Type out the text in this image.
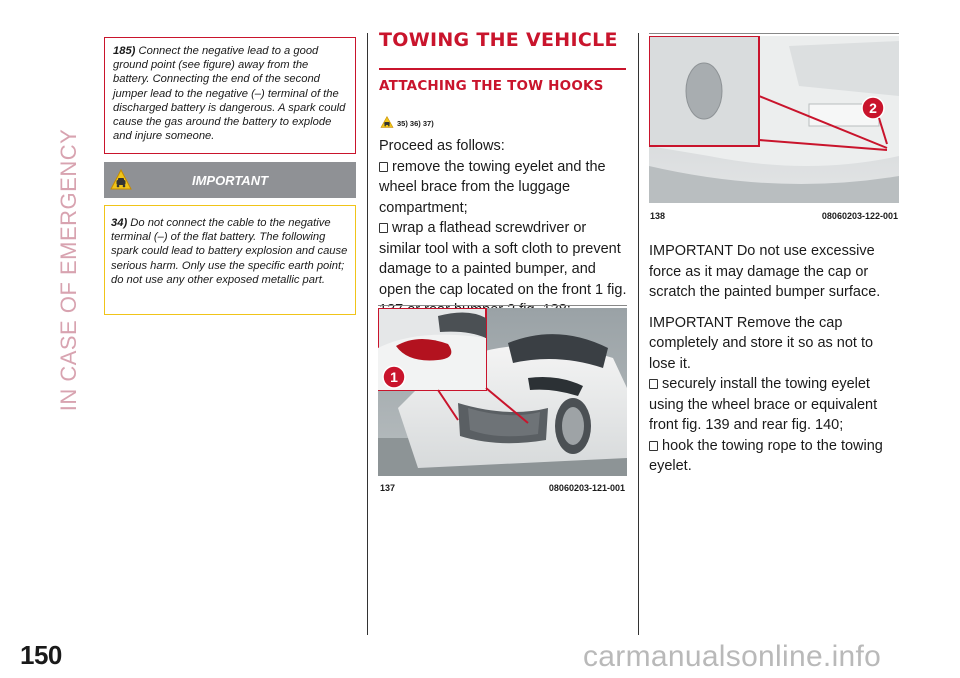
IN CASE OF EMERGENCY
150
185) Connect the negative lead to a good ground point (see figure) away from the battery. Connecting the end of the second jumper lead to the negative (–) terminal of the discharged battery is dangerous. A spark could cause the gas around the battery to explode and injure someone.
IMPORTANT
34) Do not connect the cable to the negative terminal (–) of the flat battery. The following spark could lead to battery explosion and cause serious harm. Only use the specific earth point; do not use any other exposed metallic part.
TOWING THE VEHICLE
ATTACHING THE TOW HOOKS
35) 36) 37)
Proceed as follows:
remove the towing eyelet and the wheel brace from the luggage compartment;
wrap a flathead screwdriver or similar tool with a soft cloth to prevent damage to a painted bumper, and open the cap located on the front 1 fig.
1
137	08060203-121-001
2
138	08060203-122-001
IMPORTANT Do not use excessive force as it may damage the cap or scratch the painted bumper surface.
IMPORTANT Remove the cap completely and store it so as not to lose it.
securely install the towing eyelet using the wheel brace or equivalent front fig. 139 and rear fig. 140;
hook the towing rope to the towing eyelet.
carmanualsonline.info
